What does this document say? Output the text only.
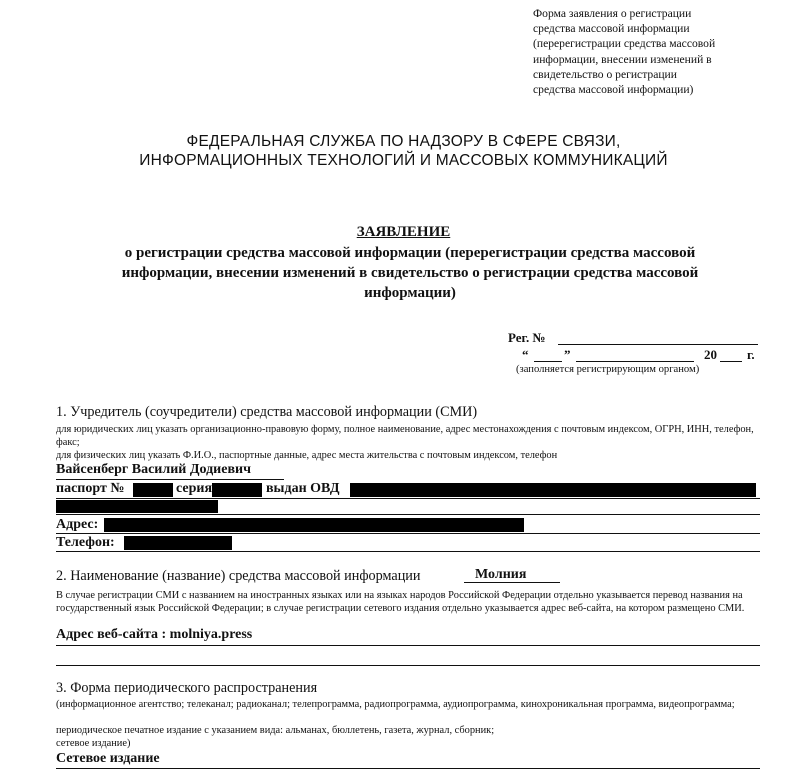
Форма заявления о регистрации
средства массовой информации
(перерегистрации средства массовой
информации, внесении изменений в
свидетельство о регистрации
средства массовой информации)
ФЕДЕРАЛЬНАЯ СЛУЖБА ПО НАДЗОРУ В СФЕРЕ СВЯЗИ,
ИНФОРМАЦИОННЫХ ТЕХНОЛОГИЙ И МАССОВЫХ КОММУНИКАЦИЙ
ЗАЯВЛЕНИЕ
о регистрации средства массовой информации (перерегистрации средства массовой
информации, внесении изменений в свидетельство о регистрации средства массовой
информации)
Рег. №
“	”	20 г.
(заполняется регистрирующим органом)
1. Учредитель (соучредители) средства массовой информации (СМИ)
для юридических лиц указать организационно-правовую форму, полное наименование, адрес местонахождения с почтовым индексом, ОГРН, ИНН, телефон, факс;
для физических лиц указать Ф.И.О., паспортные данные, адрес места жительства с почтовым индексом, телефон
Вайсенберг Василий Додиевич
паспорт №	серия	выдан ОВД
Адрес:
Телефон:
2. Наименование (название) средства массовой информации	Молния
В случае регистрации СМИ с названием на иностранных языках или на языках народов Российской Федерации отдельно указывается перевод названия на государственный язык Российской Федерации; в случае регистрации сетевого издания отдельно указывается адрес веб-сайта, на котором размещено СМИ.
Адрес веб-сайта : molniya.press
3. Форма периодического распространения
(информационное агентство; телеканал; радиоканал; телепрограмма, радиопрограмма, аудиопрограмма, кинохроникальная программа, видеопрограмма;
периодическое печатное издание с указанием вида: альманах, бюллетень, газета, журнал, сборник;
сетевое издание)
Сетевое издание
